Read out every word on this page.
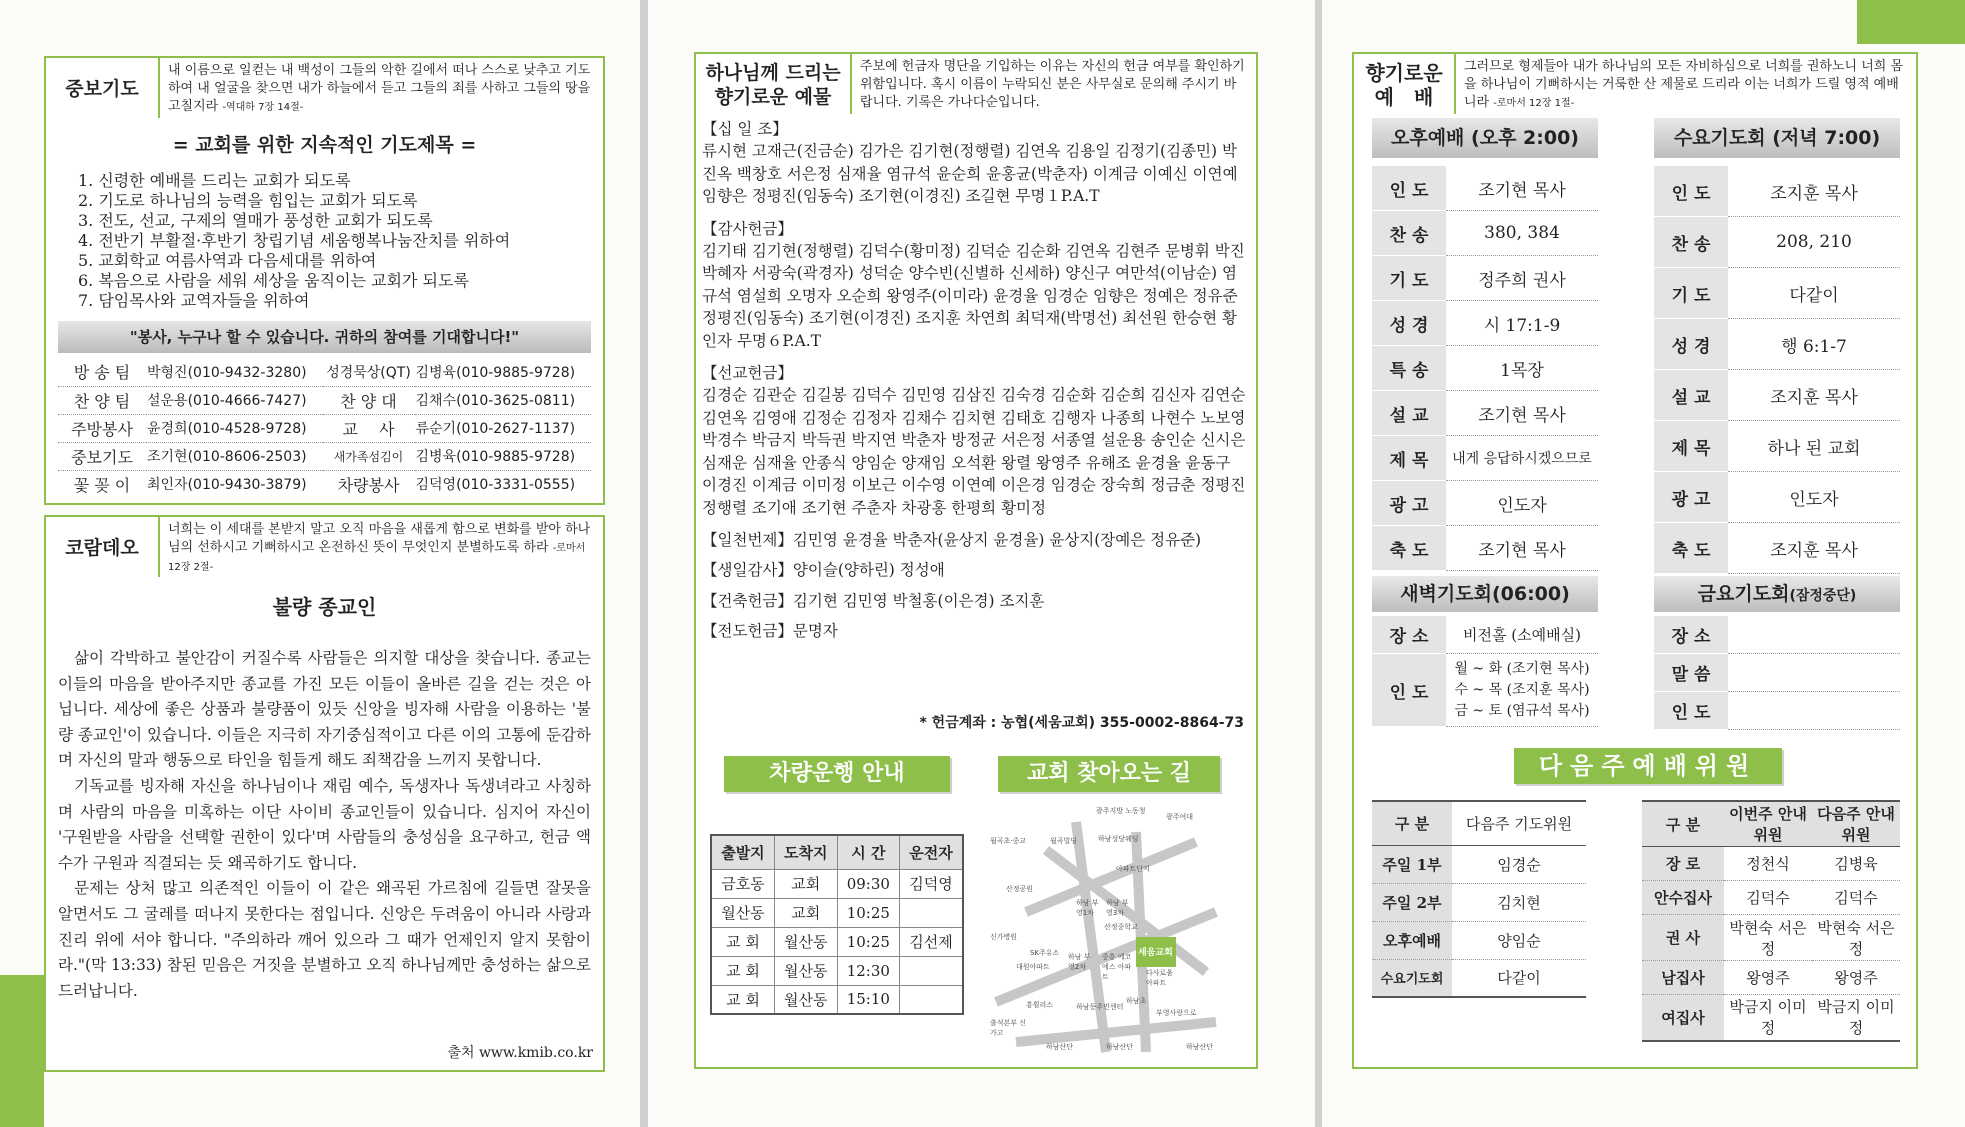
중보기도
내 이름으로 일컫는 내 백성이 그들의 악한 길에서 떠나 스스로 낮추고 기도하여 내 얼굴을 찾으면 내가 하늘에서 듣고 그들의 죄를 사하고 그들의 땅을 고칠지라 -역대하 7장 14절-
= 교회를 위한 지속적인 기도제목 =
1. 신령한 예배를 드리는 교회가 되도록
2. 기도로 하나님의 능력을 힘입는 교회가 되도록
3. 전도, 선교, 구제의 열매가 풍성한 교회가 되도록
4. 전반기 부활절·후반기 창립기념 세움행복나눔잔치를 위하여
5. 교회학교 여름사역과 다음세대를 위하여
6. 복음으로 사람을 세워 세상을 움직이는 교회가 되도록
7. 담임목사와 교역자들을 위하여
"봉사, 누구나 할 수 있습니다. 귀하의 참여를 기대합니다!"
방 송 팀	박형진(010-9432-3280)	성경묵상(QT)	김병육(010-9885-9728)
찬 양 팀	설운용(010-4666-7427)	찬 양 대	김채수(010-3625-0811)
주방봉사	윤경희(010-4528-9728)	교　 사	류순기(010-2627-1137)
중보기도	조기현(010-8606-2503)	새가족섬김이	김병육(010-9885-9728)
꽃 꽂 이	최인자(010-9430-3879)	차량봉사	김덕영(010-3331-0555)
코람데오
너희는 이 세대를 본받지 말고 오직 마음을 새롭게 함으로 변화를 받아 하나님의 선하시고 기뻐하시고 온전하신 뜻이 무엇인지 분별하도록 하라 -로마서 12장 2절-
불량 종교인

삶이 각박하고 불안감이 커질수록 사람들은 의지할 대상을 찾습니다. 종교는 이들의 마음을 받아주지만 종교를 가진 모든 이들이 올바른 길을 걷는 것은 아닙니다. 세상에 좋은 상품과 불량품이 있듯 신앙을 빙자해 사람을 이용하는 '불량 종교인'이 있습니다. 이들은 지극히 자기중심적이고 다른 이의 고통에 둔감하며 자신의 말과 행동으로 타인을 힘들게 해도 죄책감을 느끼지 못합니다.

기독교를 빙자해 자신을 하나님이나 재림 예수, 독생자나 독생녀라고 사칭하며 사람의 마음을 미혹하는 이단 사이비 종교인들이 있습니다. 심지어 자신이 '구원받을 사람을 선택할 권한이 있다'며 사람들의 충성심을 요구하고, 헌금 액수가 구원과 직결되는 듯 왜곡하기도 합니다.

문제는 상처 많고 의존적인 이들이 이 같은 왜곡된 가르침에 길들면 잘못을 알면서도 그 굴레를 떠나지 못한다는 점입니다. 신앙은 두려움이 아니라 사랑과 진리 위에 서야 합니다. "주의하라 깨어 있으라 그 때가 언제인지 알지 못함이라."(막 13:33) 참된 믿음은 거짓을 분별하고 오직 하나님께만 충성하는 삶으로 드러납니다.

출처 www.kmib.co.kr
하나님께 드리는 향기로운 예물
주보에 헌금자 명단을 기입하는 이유는 자신의 헌금 여부를 확인하기 위함입니다. 혹시 이름이 누락되신 분은 사무실로 문의해 주시기 바랍니다. 기록은 가나다순입니다.
【십 일 조】
류시현 고재근(진금순) 김가은 김기현(정행렬) 김연옥 김용일 김정기(김종민) 박진옥 백창호 서은정 심재율 염규석 윤순희 윤홍균(박춘자) 이계금 이예신 이연예 임향은 정평진(임동숙) 조기현(이경진) 조길현 무명１P.A.T
【감사헌금】
김기태 김기현(정행렬) 김덕수(황미정) 김덕순 김순화 김연옥 김현주 문병휘 박진 박혜자 서광숙(곽경자) 성덕순 양수빈(신별하 신세하) 양신구 여만석(이남순) 염규석 염설희 오명자 오순희 왕영주(이미라) 윤경율 임경순 임향은 정예은 정유준 정평진(임동숙) 조기현(이경진) 조지훈 차연희 최덕재(박명선) 최선원 한승현 황인자 무명６P.A.T
【선교헌금】
김경순 김관순 김길봉 김덕수 김민영 김삼진 김숙경 김순화 김순희 김신자 김연순 김연옥 김영애 김정순 김정자 김채수 김치현 김태호 김행자 나종희 나현수 노보영 박경수 박금지 박득권 박지연 박춘자 방정균 서은정 서종열 설운용 송인순 신시은 심재운 심재율 안종식 양임순 양재임 오석환 왕렬 왕영주 유해조 윤경율 윤동구 이경진 이계금 이미정 이보근 이수영 이연예 이은경 임경순 장숙희 정금춘 정평진 정행렬 조기애 조기현 주춘자 차광홍 한평희 황미정
【일천번제】김민영 윤경율 박춘자(윤상지 윤경율) 윤상지(장예은 정유준)
【생일감사】양이슬(양하린) 정성애
【건축헌금】김기현 김민영 박철홍(이은경) 조지훈
【전도헌금】문명자
* 헌금계좌 : 농협(세움교회) 355-0002-8864-73
차량운행 안내
출발지	도착지	시 간	운전자
금호동	교회	09:30	김덕영
월산동	교회	10:25	
교 회	월산동	10:25	김선제
교 회	월산동	12:30	
교 회	월산동	15:10	
교회 찾아오는 길
광주지방 노동청
광주여대
하남성당웨딩
월곡초·중교	월곡빌딩
아파트단지
산정공원
하남 부영1차
하남 부영3차
산정중학교
세움교회
신가병원
SK주유소
대원아파트
하남 부영2차
중흥 에코에스 아파트	다사로움 아파트
흥휠리스	하남동주민센터
하남초
부영사랑으로
출석본부 신가고
하남산단	하남산단	하남산단
향기로운 예　배
그러므로 형제들아 내가 하나님의 모든 자비하심으로 너희를 권하노니 너희 몸을 하나님이 기뻐하시는 거룩한 산 제물로 드리라 이는 너희가 드릴 영적 예배니라 -로마서 12장 1절-
오후예배 (오후 2:00)
인 도	조기현 목사
찬 송	380, 384
기 도	정주희 권사
성 경	시 17:1-9
특 송	1목장
설 교	조기현 목사
제 목	내게 응답하시겠으므로
광 고	인도자
축 도	조기현 목사
수요기도회 (저녁 7:00)
인 도	조지훈 목사
찬 송	208, 210
기 도	다같이
성 경	행 6:1-7
설 교	조지훈 목사
제 목	하나 된 교회
광 고	인도자
축 도	조지훈 목사
새벽기도회(06:00)
장 소	비전홀 (소예배실)
인 도	월 ~ 화 (조기현 목사)
수 ~ 목 (조지훈 목사)
금 ~ 토 (염규석 목사)
금요기도회(잠정중단)
장 소	
말 씀	
인 도	
다음주예배위원
구 분	다음주 기도위원
주일 1부	임경순
주일 2부	김치현
오후예배	양임순
수요기도회	다같이
구 분	이번주 안내위원	다음주 안내위원
장 로	정천식	김병육
안수집사	김덕수	김덕수
권 사	박현숙 서은정	박현숙 서은정
남집사	왕영주	왕영주
여집사	박금지 이미정	박금지 이미정
